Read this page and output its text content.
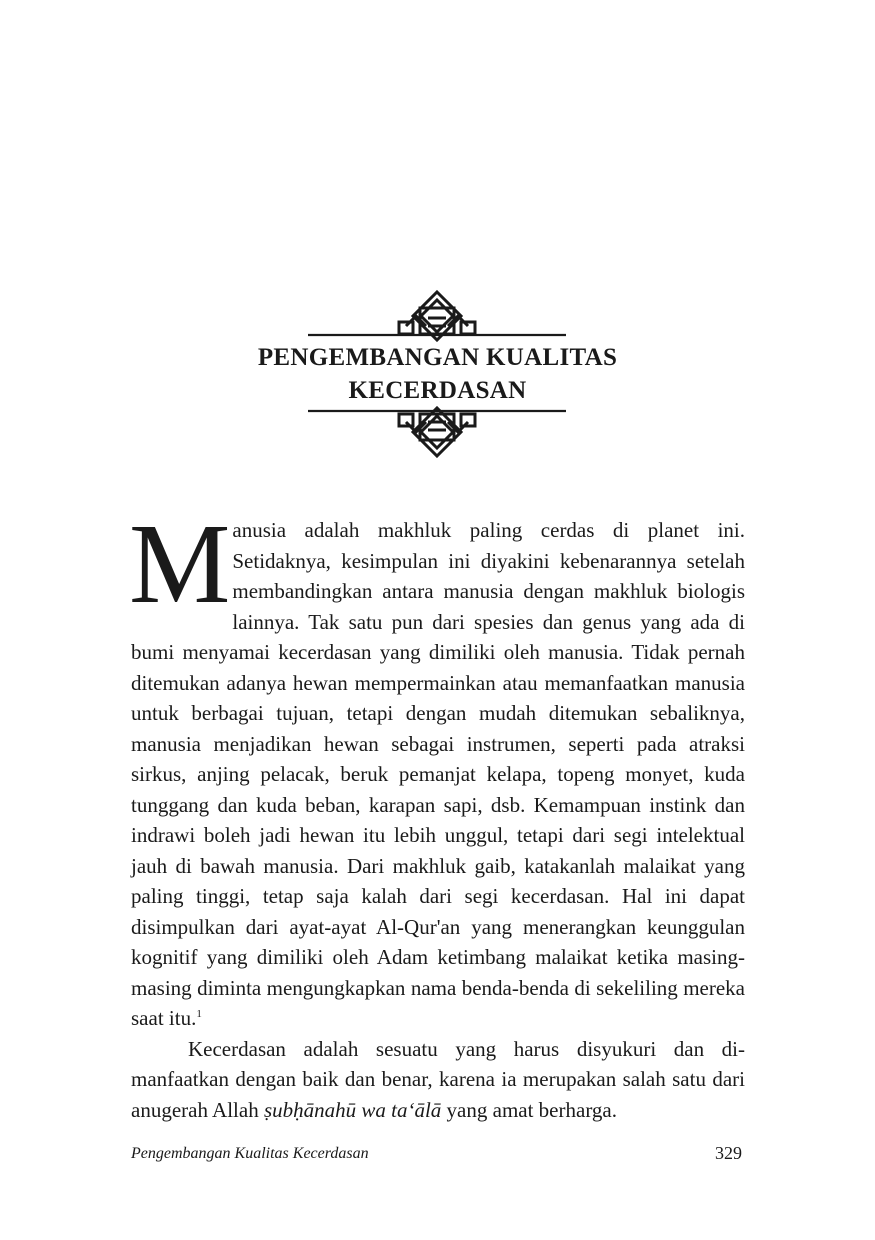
PENGEMBANGAN KUALITAS
KECERDASAN

Manusia adalah makhluk paling cerdas di planet ini. Setidaknya, kesimpulan ini diyakini kebenarannya setelah membandingkan antara manusia dengan makhluk biologis lainnya. Tak satu pun dari spesies dan genus yang ada di bumi menyamai kecerdasan yang dimiliki oleh manusia. Tidak pernah ditemukan adanya hewan mempermainkan atau memanfaatkan manusia untuk berbagai tujuan, tetapi dengan mudah ditemukan sebaliknya, manusia menjadikan hewan sebagai instrumen, seperti pada atraksi sirkus, anjing pelacak, beruk pemanjat kelapa, topeng monyet, kuda tunggang dan kuda beban, karapan sapi, dsb. Kemampuan instink dan indrawi boleh jadi hewan itu lebih unggul, tetapi dari segi intelektual jauh di bawah manusia. Dari makhluk gaib, katakanlah malaikat yang paling tinggi, tetap saja kalah dari segi kecerdasan. Hal ini dapat disimpulkan dari ayat-ayat Al-Qur'an yang menerangkan keunggulan kognitif yang dimiliki oleh Adam ketimbang malaikat ketika masing-masing diminta mengungkapkan nama benda-benda di sekeliling mereka saat itu.$^1$

Kecerdasan adalah sesuatu yang harus disyukuri dan dimanfaatkan dengan baik dan benar, karena ia merupakan salah satu dari anugerah Allah ṣubḥānahū wa ta‘ālā yang amat berharga.

Pengembangan Kualitas Kecerdasan	329
